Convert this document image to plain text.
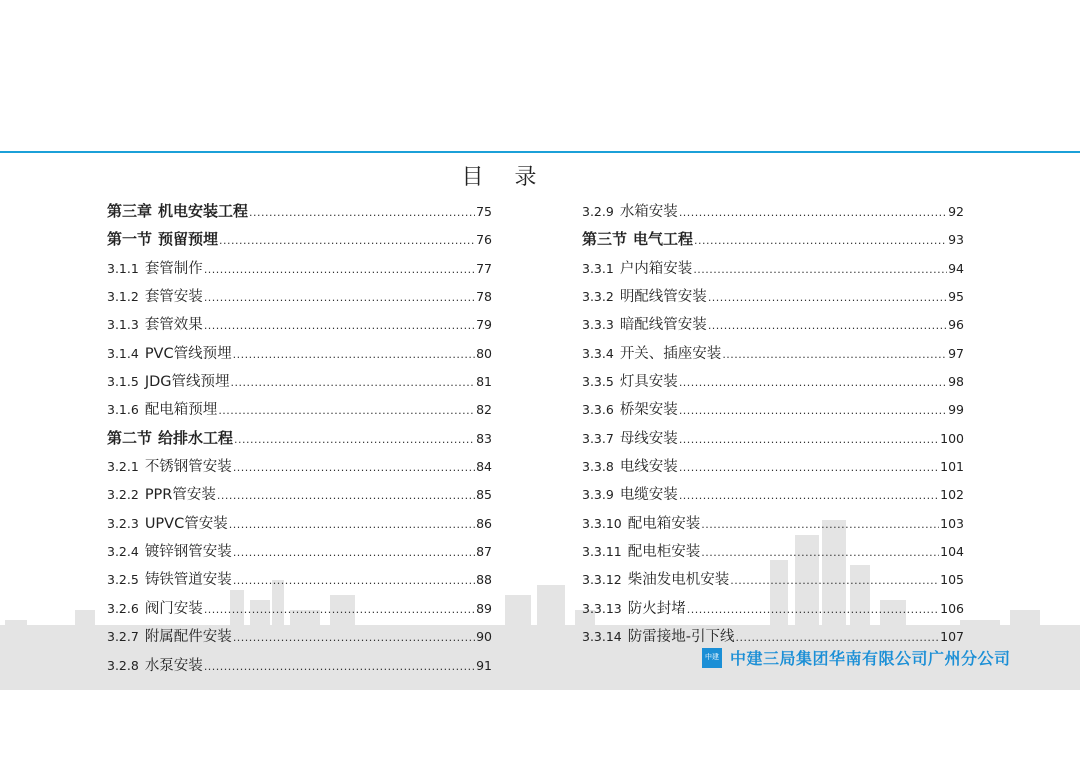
目 录
第三章 机电安装工程 .....	75
第一节 预留预埋 .....	76
3.1.1 套管制作 .....	77
3.1.2 套管安装 .....	78
3.1.3 套管效果 .....	79
3.1.4 PVC管线预埋 .....	80
3.1.5 JDG管线预埋 .....	81
3.1.6 配电箱预埋 .....	82
第二节 给排水工程 .....	83
3.2.1 不锈钢管安装 .....	84
3.2.2 PPR管安装 .....	85
3.2.3 UPVC管安装 .....	86
3.2.4 镀锌钢管安装 .....	87
3.2.5 铸铁管道安装 .....	88
3.2.6 阀门安装 .....	89
3.2.7 附属配件安装 .....	90
3.2.8 水泵安装 .....	91
3.2.9 水箱安装 .....	92
第三节 电气工程 .....	93
3.3.1 户内箱安装 .....	94
3.3.2 明配线管安装 .....	95
3.3.3 暗配线管安装 .....	96
3.3.4 开关、插座安装 .....	97
3.3.5 灯具安装 .....	98
3.3.6 桥架安装 .....	99
3.3.7 母线安装 .....	100
3.3.8 电线安装 .....	101
3.3.9 电缆安装 .....	102
3.3.10 配电箱安装 .....	103
3.3.11 配电柜安装 .....	104
3.3.12 柴油发电机安装 .....	105
3.3.13 防火封堵 .....	106
3.3.14 防雷接地-引下线 .....	107
中建 中建三局集团华南有限公司广州分公司
